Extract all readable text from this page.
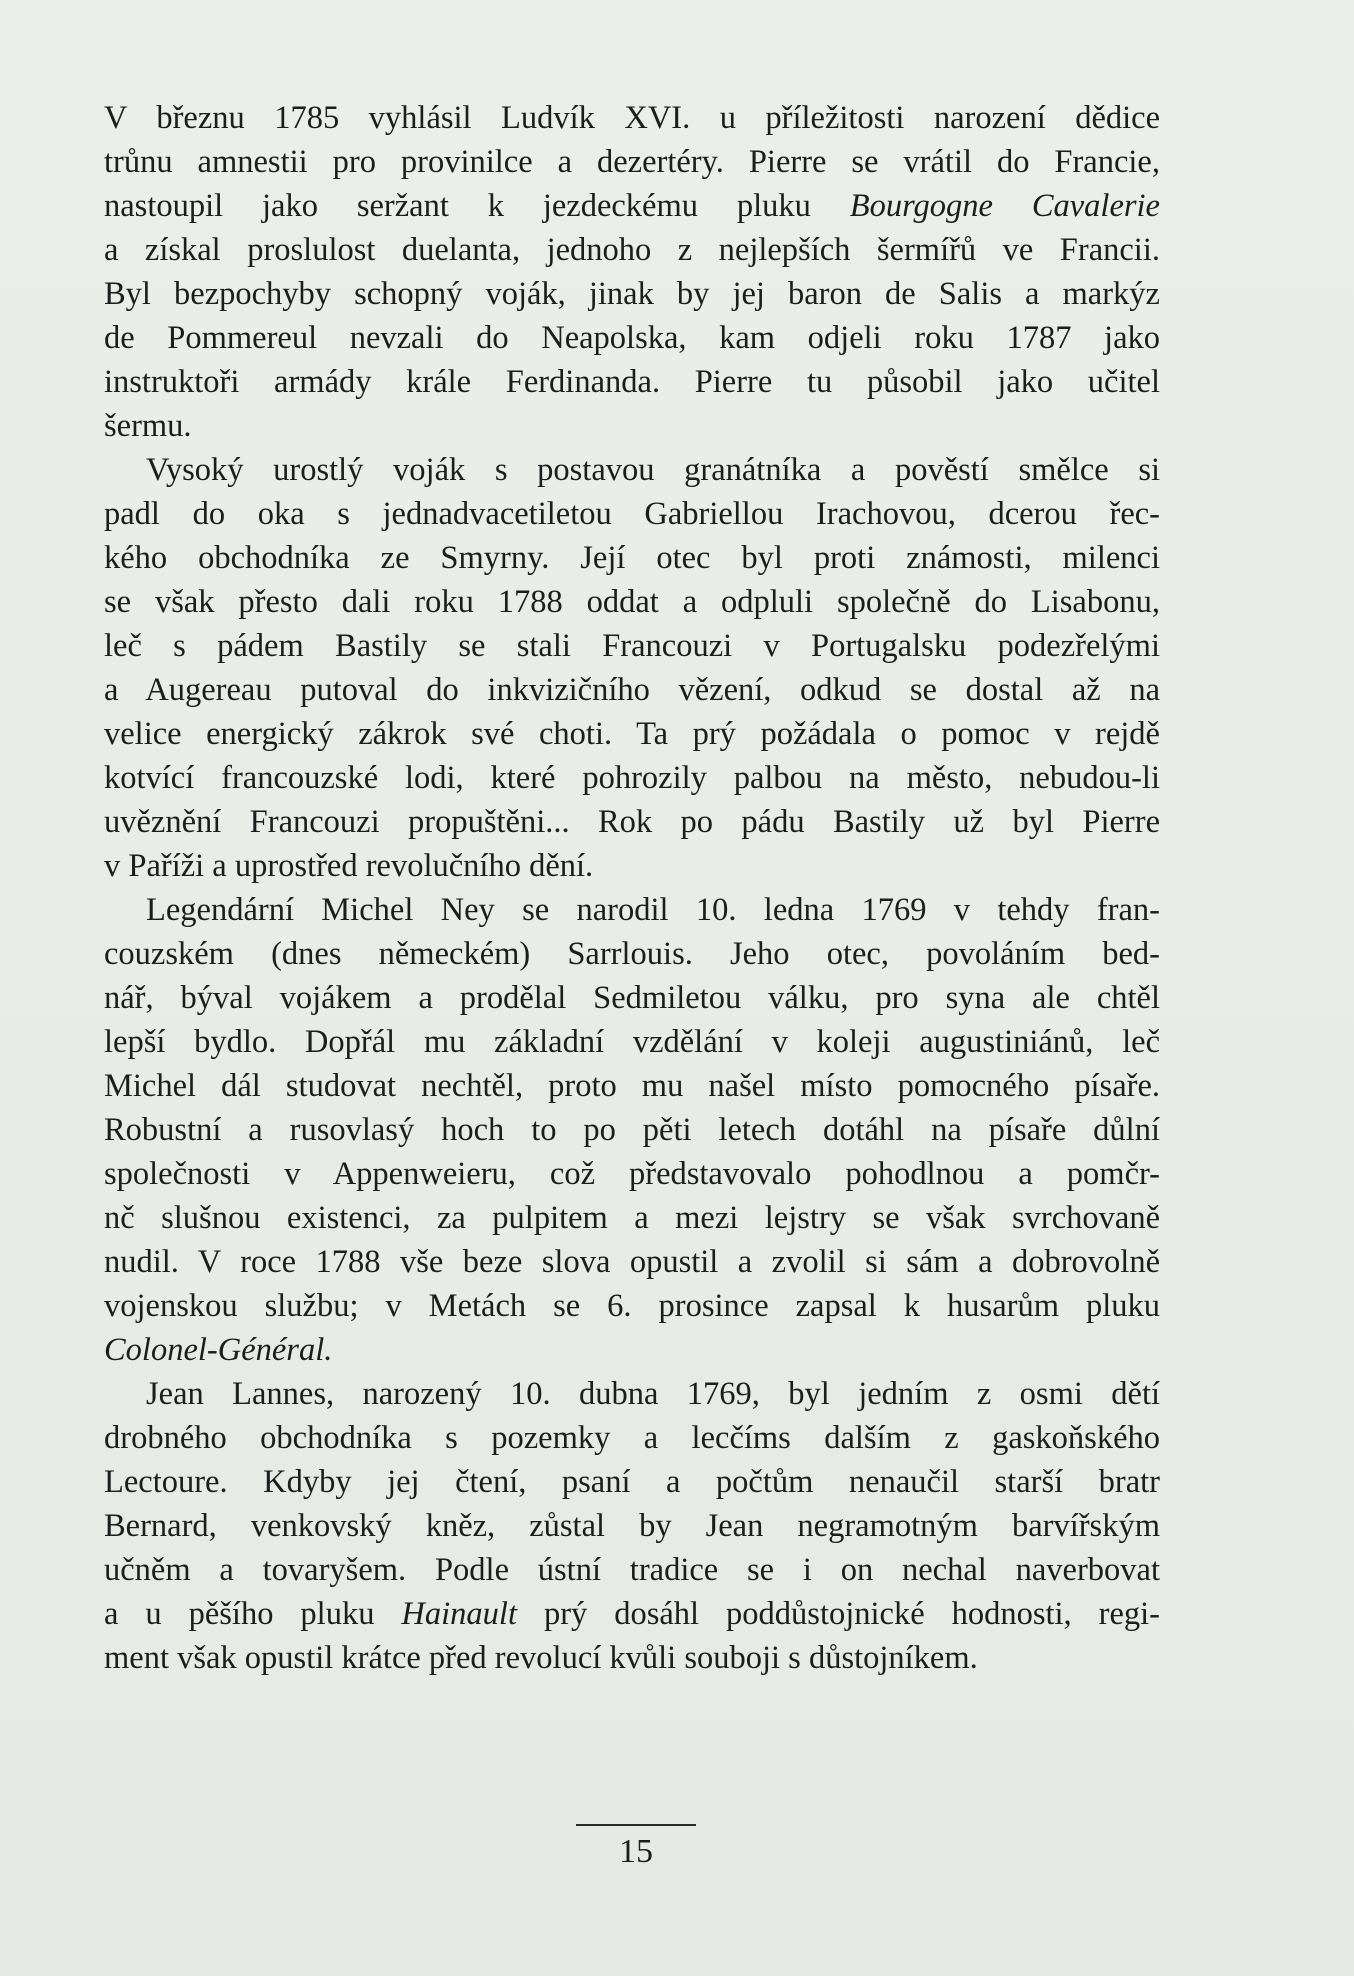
V březnu 1785 vyhlásil Ludvík XVI. u příležitosti narození dědice
trůnu amnestii pro provinilce a dezertéry. Pierre se vrátil do Francie,
nastoupil jako seržant k jezdeckému pluku Bourgogne Cavalerie
a získal proslulost duelanta, jednoho z nejlepších šermířů ve Francii.
Byl bezpochyby schopný voják, jinak by jej baron de Salis a markýz
de Pommereul nevzali do Neapolska, kam odjeli roku 1787 jako
instruktoři armády krále Ferdinanda. Pierre tu působil jako učitel
šermu.
Vysoký urostlý voják s postavou granátníka a pověstí smělce si
padl do oka s jednadvacetiletou Gabriellou Irachovou, dcerou řec-
kého obchodníka ze Smyrny. Její otec byl proti známosti, milenci
se však přesto dali roku 1788 oddat a odpluli společně do Lisabonu,
leč s pádem Bastily se stali Francouzi v Portugalsku podezřelými
a Augereau putoval do inkvizičního vězení, odkud se dostal až na
velice energický zákrok své choti. Ta prý požádala o pomoc v rejdě
kotvící francouzské lodi, které pohrozily palbou na město, nebudou-li
uvěznění Francouzi propuštěni... Rok po pádu Bastily už byl Pierre
v Paříži a uprostřed revolučního dění.
Legendární Michel Ney se narodil 10. ledna 1769 v tehdy fran-
couzském (dnes německém) Sarrlouis. Jeho otec, povoláním bed-
nář, býval vojákem a prodělal Sedmiletou válku, pro syna ale chtěl
lepší bydlo. Dopřál mu základní vzdělání v koleji augustiniánů, leč
Michel dál studovat nechtěl, proto mu našel místo pomocného písaře.
Robustní a rusovlasý hoch to po pěti letech dotáhl na písaře důlní
společnosti v Appenweieru, což představovalo pohodlnou a pomčr-
nč slušnou existenci, za pulpitem a mezi lejstry se však svrchovaně
nudil. V roce 1788 vše beze slova opustil a zvolil si sám a dobrovolně
vojenskou službu; v Metách se 6. prosince zapsal k husarům pluku
Colonel-Général.
Jean Lannes, narozený 10. dubna 1769, byl jedním z osmi dětí
drobného obchodníka s pozemky a lecčíms dalším z gaskoňského
Lectoure. Kdyby jej čtení, psaní a počtům nenaučil starší bratr
Bernard, venkovský kněz, zůstal by Jean negramotným barvířským
učněm a tovaryšem. Podle ústní tradice se i on nechal naverbovat
a u pěšího pluku Hainault prý dosáhl poddůstojnické hodnosti, regi-
ment však opustil krátce před revolucí kvůli souboji s důstojníkem.
15
